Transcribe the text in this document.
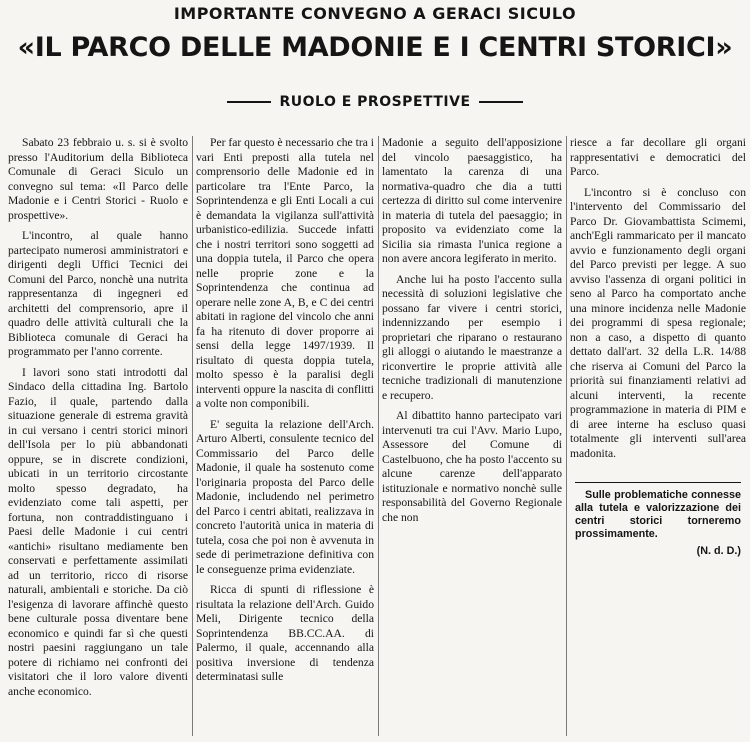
IMPORTANTE CONVEGNO A GERACI SICULO
«IL PARCO DELLE MADONIE E I CENTRI STORICI»
RUOLO E PROSPETTIVE

Sabato 23 febbraio u. s. si è svolto presso l'Auditorium della Biblioteca Comunale di Geraci Siculo un convegno sul tema: «Il Parco delle Madonie e i Centri Storici - Ruolo e prospettive».

L'incontro, al quale hanno partecipato numerosi amministratori e dirigenti degli Uffici Tecnici dei Comuni del Parco, nonchè una nutrita rappresentanza di ingegneri ed architetti del comprensorio, apre il quadro delle attività culturali che la Biblioteca comunale di Geraci ha programmato per l'anno corrente.

I lavori sono stati introdotti dal Sindaco della cittadina Ing. Bartolo Fazio, il quale, partendo dalla situazione generale di estrema gravità in cui versano i centri storici minori dell'Isola per lo più abbandonati oppure, se in discrete condizioni, ubicati in un territorio circostante molto spesso degradato, ha evidenziato come tali aspetti, per fortuna, non contraddistinguano i Paesi delle Madonie i cui centri «antichi» risultano mediamente ben conservati e perfettamente assimilati ad un territorio, ricco di risorse naturali, ambientali e storiche. Da ciò l'esigenza di lavorare affinchè questo bene culturale possa diventare bene economico e quindi far sì che questi nostri paesini raggiungano un tale potere di richiamo nei confronti dei visitatori che il loro valore diventi anche economico.

Per far questo è necessario che tra i vari Enti preposti alla tutela nel comprensorio delle Madonie ed in particolare tra l'Ente Parco, la Soprintendenza e gli Enti Locali a cui è demandata la vigilanza sull'attività urbanistico-edilizia. Succede infatti che i nostri territori sono soggetti ad una doppia tutela, il Parco che opera nelle proprie zone e la Soprintendenza che continua ad operare nelle zone A, B, e C dei centri abitati in ragione del vincolo che anni fa ha ritenuto di dover proporre ai sensi della legge 1497/1939. Il risultato di questa doppia tutela, molto spesso è la paralisi degli interventi oppure la nascita di conflitti a volte non componibili.

E' seguita la relazione dell'Arch. Arturo Alberti, consulente tecnico del Commissario del Parco delle Madonie, il quale ha sostenuto come l'originaria proposta del Parco delle Madonie, includendo nel perimetro del Parco i centri abitati, realizzava in concreto l'autorità unica in materia di tutela, cosa che poi non è avvenuta in sede di perimetrazione definitiva con le conseguenze prima evidenziate.

Ricca di spunti di riflessione è risultata la relazione dell'Arch. Guido Meli, Dirigente tecnico della Soprintendenza BB.CC.AA. di Palermo, il quale, accennando alla positiva inversione di tendenza determinatasi sulle

Madonie a seguito dell'apposizione del vincolo paesaggistico, ha lamentato la carenza di una normativa-quadro che dia a tutti certezza di diritto sul come intervenire in materia di tutela del paesaggio; in proposito va evidenziato come la Sicilia sia rimasta l'unica regione a non avere ancora legiferato in merito.

Anche lui ha posto l'accento sulla necessità di soluzioni legislative che possano far vivere i centri storici, indennizzando per esempio i proprietari che riparano o restaurano gli alloggi o aiutando le maestranze a riconvertire le proprie attività alle tecniche tradizionali di manutenzione e recupero.

Al dibattito hanno partecipato vari intervenuti tra cui l'Avv. Mario Lupo, Assessore del Comune di Castelbuono, che ha posto l'accento su alcune carenze dell'apparato istituzionale e normativo nonchè sulle responsabilità del Governo Regionale che non

riesce a far decollare gli organi rappresentativi e democratici del Parco.

L'incontro si è concluso con l'intervento del Commissario del Parco Dr. Giovambattista Scimemi, anch'Egli rammaricato per il mancato avvio e funzionamento degli organi del Parco previsti per legge. A suo avviso l'assenza di organi politici in seno al Parco ha comportato anche una minore incidenza nelle Madonie dei programmi di spesa regionale; non a caso, a dispetto di quanto dettato dall'art. 32 della L.R. 14/88 che riserva ai Comuni del Parco la priorità sui finanziamenti relativi ad alcuni interventi, la recente programmazione in materia di PIM e di aree interne ha escluso quasi totalmente gli interventi sull'area madonita.

Sulle problematiche connesse alla tutela e valorizzazione dei centri storici torneremo prossimamente.

(N. d. D.)
